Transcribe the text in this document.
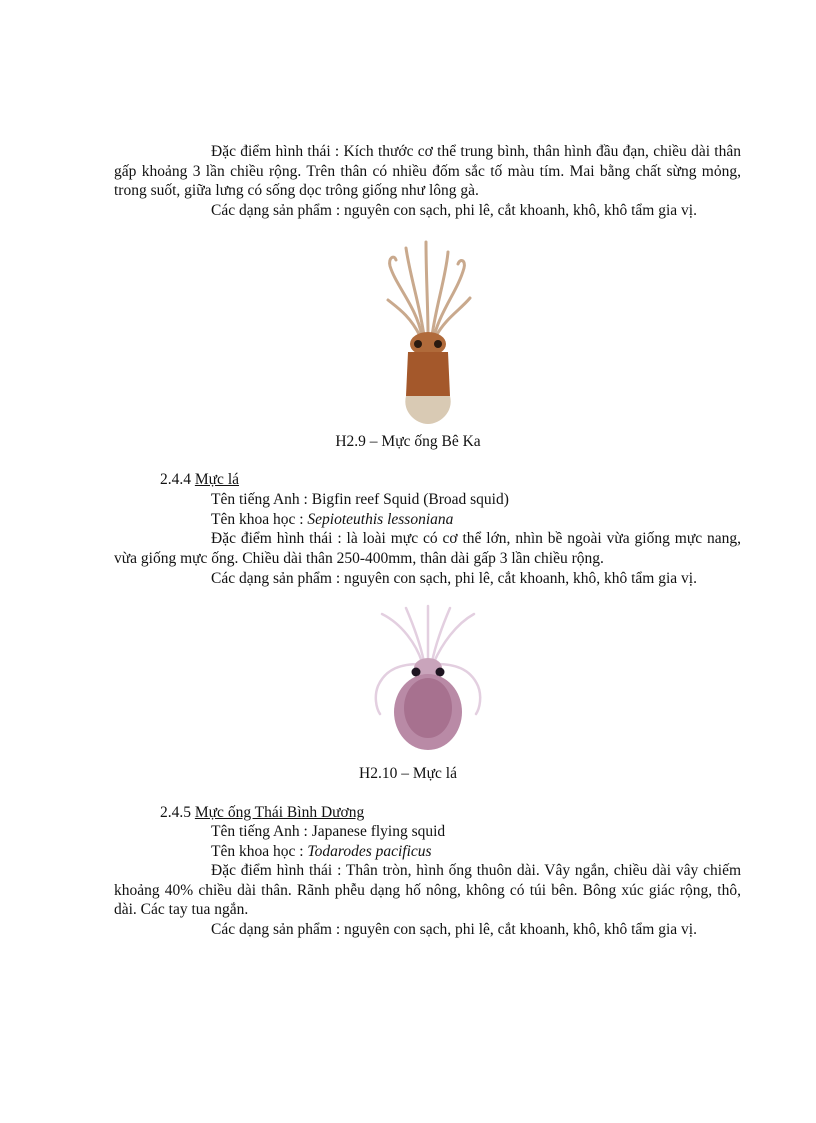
Đặc điểm hình thái : Kích thước cơ thể trung bình, thân hình đầu đạn, chiều dài thân gấp khoảng 3 lần chiều rộng. Trên thân có nhiều đốm sắc tố màu tím. Mai bằng chất sừng mỏng, trong suốt, giữa lưng có sống dọc trông giống như lông gà.

Các dạng sản phẩm : nguyên con sạch, phi lê, cắt khoanh, khô, khô tẩm gia vị.

H2.9 – Mực ống Bê Ka

2.4.4 Mực lá

Tên tiếng Anh : Bigfin reef Squid (Broad squid)

Tên khoa học : Sepioteuthis lessoniana

Đặc điểm hình thái : là loài mực có cơ thể lớn, nhìn bề ngoài vừa giống mực nang, vừa giống mực ống. Chiều dài thân 250-400mm, thân dài gấp 3 lần chiều rộng.

Các dạng sản phẩm : nguyên con sạch, phi lê, cắt khoanh, khô, khô tẩm gia vị.

H2.10 – Mực lá

2.4.5 Mực ống Thái Bình Dương

Tên tiếng Anh : Japanese flying squid

Tên khoa học : Todarodes pacificus

Đặc điểm hình thái : Thân tròn, hình ống thuôn dài. Vây ngắn, chiều dài vây chiếm khoảng 40% chiều dài thân. Rãnh phễu dạng hố nông, không có túi bên. Bông xúc giác rộng, thô, dài. Các tay tua ngắn.

Các dạng sản phẩm : nguyên con sạch, phi lê, cắt khoanh, khô, khô tẩm gia vị.
